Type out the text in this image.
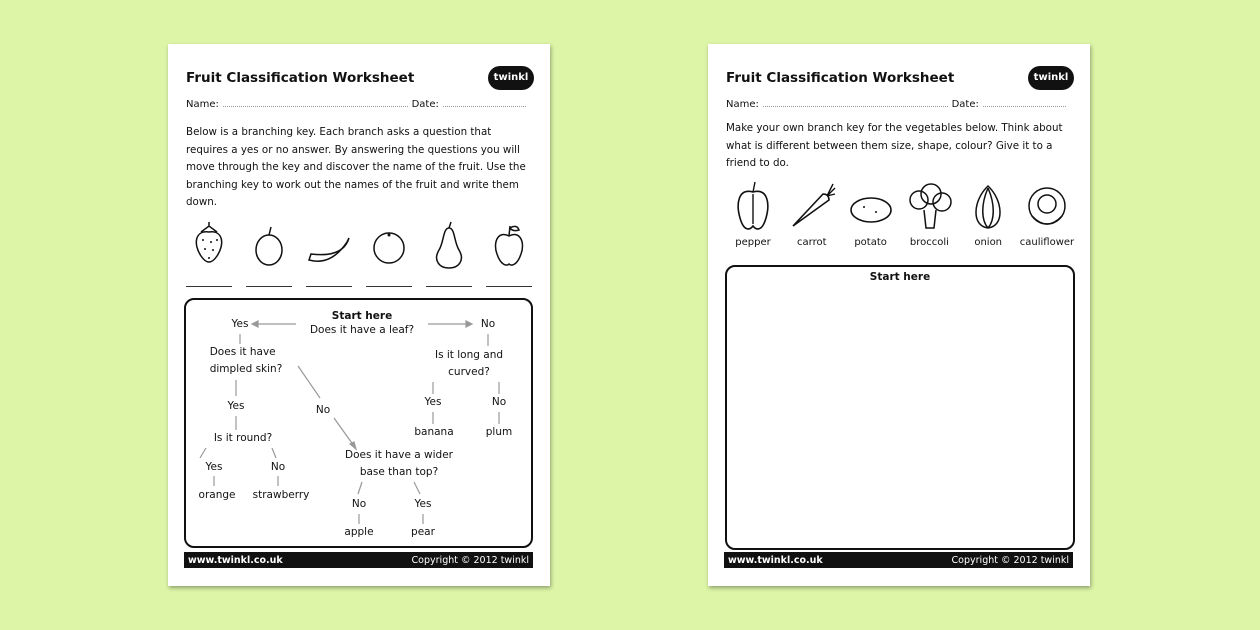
Fruit Classification Worksheet	twinkl
Name:	Date:
Below is a branching key. Each branch asks a question that requires a yes or no answer. By answering the questions you will move through the key and discover the name of the fruit. Use the branching key to work out the names of the fruit and write them down.
Start here
Does it have a leaf?
Yes	No
Does it have
dimpled skin?
Yes	No
Is it round?
Yes	No
orange strawberry
Does it have a wider
base than top?
No	Yes
apple	pear
Is it long and
curved?
Yes	No
banana	plum
www.twinkl.co.uk	Copyright © 2012 twinkl
Fruit Classification Worksheet	twinkl
Name:	Date:
Make your own branch key for the vegetables below. Think about what is different between them size, shape, colour? Give it to a friend to do.
pepper	carrot	potato	broccoli	onion	cauliflower
Start here
www.twinkl.co.uk	Copyright © 2012 twinkl
